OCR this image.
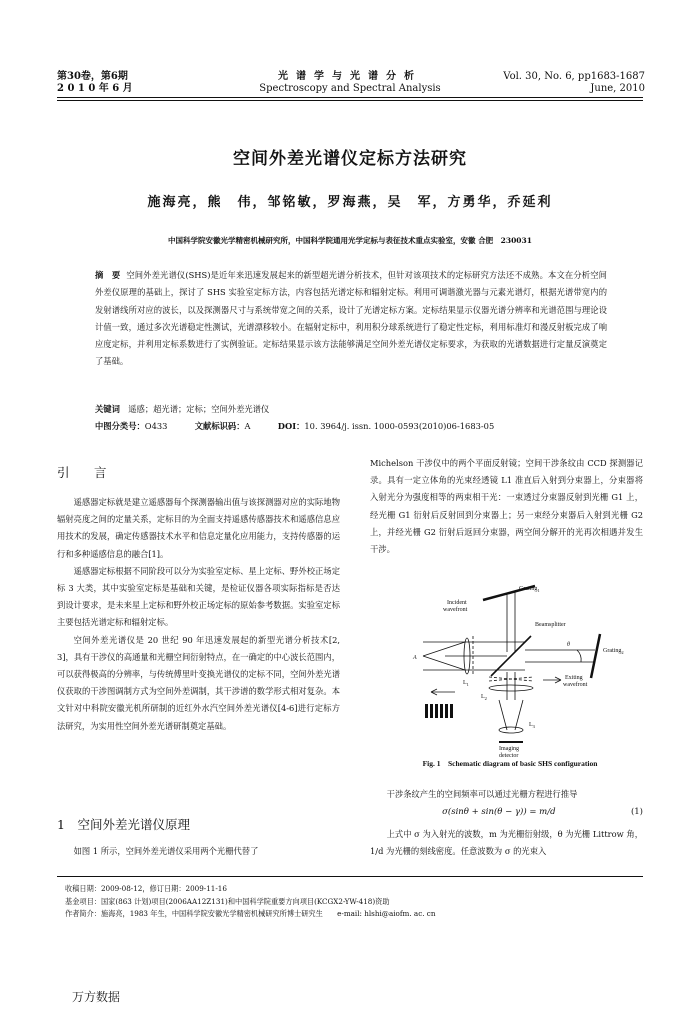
第30卷，第6期
2 0 1 0 年 6 月
光谱学与光谱分析
Spectroscopy and Spectral Analysis
Vol. 30, No. 6, pp1683-1687
June, 2010
空间外差光谱仪定标方法研究
施海亮，熊　伟，邹铭敏，罗海燕，吴　军，方勇华，乔延利
中国科学院安徽光学精密机械研究所，中国科学院通用光学定标与表征技术重点实验室，安徽 合肥　230031
摘　要 空间外差光谱仪(SHS)是近年来迅速发展起来的新型超光谱分析技术，但针对该项技术的定标研究方法还不成熟。本文在分析空间外差仪原理的基础上，探讨了 SHS 实验室定标方法，内容包括光谱定标和辐射定标。利用可调谐激光器与元素光谱灯，根据光谱带宽内的发射谱线所对应的波长，以及探测器尺寸与系统带宽之间的关系，设计了光谱定标方案。定标结果显示仪器光谱分辨率和光谱范围与理论设计值一致，通过多次光谱稳定性测试，光谱漂移较小。在辐射定标中，利用积分球系统进行了稳定性定标，利用标准灯和漫反射板完成了响应度定标，并利用定标系数进行了实例验证。定标结果显示该方法能够满足空间外差光谱仪定标要求，为获取的光谱数据进行定量反演奠定了基础。
关键词　 遥感；超光谱；定标；空间外差光谱仪
中图分类号：O433	文献标识码：A	DOI：10. 3964/j. issn. 1000-0593(2010)06-1683-05
引　言

遥感器定标就是建立遥感器每个探测器输出值与该探测器对应的实际地物辐射亮度之间的定量关系，定标目的为全面支持遥感传感器技术和遥感信息应用技术的发展，确定传感器技术水平和信息定量化应用能力，支持传感器的运行和多种遥感信息的融合[1]。

遥感器定标根据不同阶段可以分为实验室定标、星上定标、野外校正场定标 3 大类，其中实验室定标是基础和关键，是检证仪器各项实际指标是否达到设计要求，是未来星上定标和野外校正场定标的原始参考数据。实验室定标主要包括光谱定标和辐射定标。

空间外差光谱仪是 20 世纪 90 年迅速发展起的新型光谱分析技术[2, 3]，具有干涉仪的高通量和光栅空间衍射特点，在一确定的中心波长范围内，可以获得极高的分辨率，与传统傅里叶变换光谱仪的定标不同，空间外差光谱仪获取的干涉图调制方式为空间外差调制，其干涉谱的数学形式相对复杂。本文针对中科院安徽光机所研制的近红外水汽空间外差光谱仪[4-6]进行定标方法研究，为实用性空间外差光谱研制奠定基础。

1　空间外差光谱仪原理

如图 1 所示，空间外差光谱仪采用两个光栅代替了

Michelson 干涉仪中的两个平面反射镜；空间干涉条纹由 CCD 探测器记录。具有一定立体角的光束经透镜 L1 准直后入射到分束器上，分束器将入射光分为强度相等的两束相干光：一束透过分束器反射到光栅 G1 上，经光栅 G1 衍射后反射回到分束器上；另一束经分束器后入射到光栅 G2 上，并经光栅 G2 衍射后返回分束器，两空间分解开的光再次相遇并发生干涉。

Grating$_1$
Incident
wavefront
Beamsplitter
Grating$_2$
θ
A
$L_1$
$L_2$
$L_3$
Exiting
wavefront
Imaging
detector
Fig. 1　Schematic diagram of basic SHS configuration

干涉条纹产生的空间频率可以通过光栅方程进行推导

σ(sinθ + sin(θ − γ)) = m/d	(1)

上式中 σ 为入射光的波数，m 为光栅衍射级，θ 为光栅 Littrow 角，1/d 为光栅的刻线密度。任意波数为 σ 的光束入

收稿日期：2009-08-12，修订日期：2009-11-16
基金项目：国家(863 计划)项目(2006AA12Z131)和中国科学院重要方向项目(KCGX2-YW-418)资助
作者简介：施海亮，1983 年生，中国科学院安徽光学精密机械研究所博士研究生　　e-mail: hlshi@aiofm. ac. cn
万方数据
